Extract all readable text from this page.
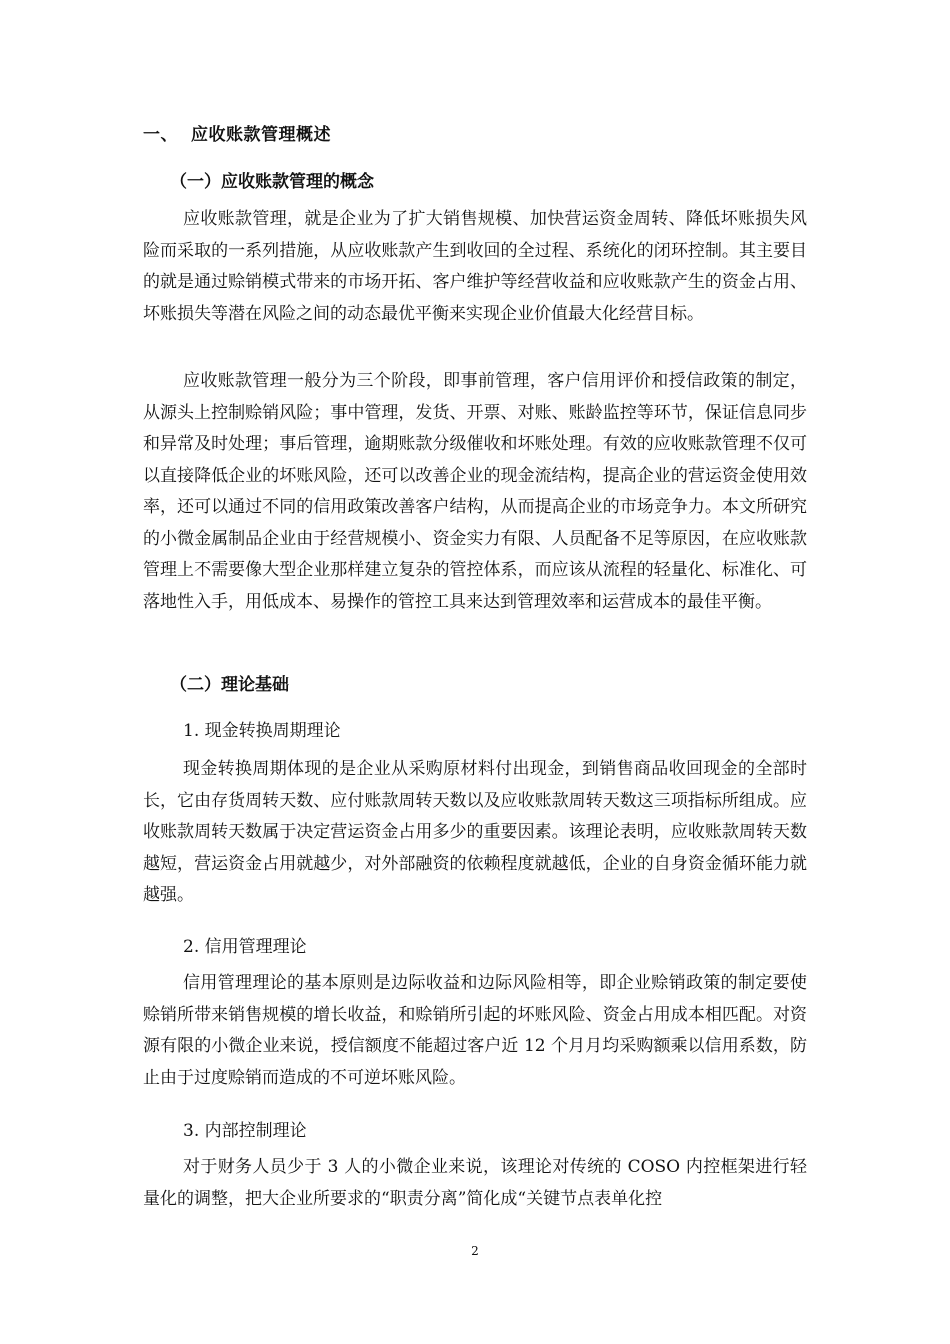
一、 应收账款管理概述
（一）应收账款管理的概念
应收账款管理，就是企业为了扩大销售规模、加快营运资金周转、降低坏账损失风险而采取的一系列措施，从应收账款产生到收回的全过程、系统化的闭环控制。其主要目的就是通过赊销模式带来的市场开拓、客户维护等经营收益和应收账款产生的资金占用、坏账损失等潜在风险之间的动态最优平衡来实现企业价值最大化经营目标。
应收账款管理一般分为三个阶段，即事前管理，客户信用评价和授信政策的制定，从源头上控制赊销风险；事中管理，发货、开票、对账、账龄监控等环节，保证信息同步和异常及时处理；事后管理，逾期账款分级催收和坏账处理。有效的应收账款管理不仅可以直接降低企业的坏账风险，还可以改善企业的现金流结构，提高企业的营运资金使用效率，还可以通过不同的信用政策改善客户结构，从而提高企业的市场竞争力。本文所研究的小微金属制品企业由于经营规模小、资金实力有限、人员配备不足等原因，在应收账款管理上不需要像大型企业那样建立复杂的管控体系，而应该从流程的轻量化、标准化、可落地性入手，用低成本、易操作的管控工具来达到管理效率和运营成本的最佳平衡。
（二）理论基础
1. 现金转换周期理论
现金转换周期体现的是企业从采购原材料付出现金，到销售商品收回现金的全部时长，它由存货周转天数、应付账款周转天数以及应收账款周转天数这三项指标所组成。应收账款周转天数属于决定营运资金占用多少的重要因素。该理论表明，应收账款周转天数越短，营运资金占用就越少，对外部融资的依赖程度就越低，企业的自身资金循环能力就越强。
2. 信用管理理论
信用管理理论的基本原则是边际收益和边际风险相等，即企业赊销政策的制定要使赊销所带来销售规模的增长收益，和赊销所引起的坏账风险、资金占用成本相匹配。对资源有限的小微企业来说，授信额度不能超过客户近 12 个月月均采购额乘以信用系数，防止由于过度赊销而造成的不可逆坏账风险。
3. 内部控制理论
对于财务人员少于 3 人的小微企业来说，该理论对传统的 COSO 内控框架进行轻量化的调整，把大企业所要求的“职责分离”简化成“关键节点表单化控
2
